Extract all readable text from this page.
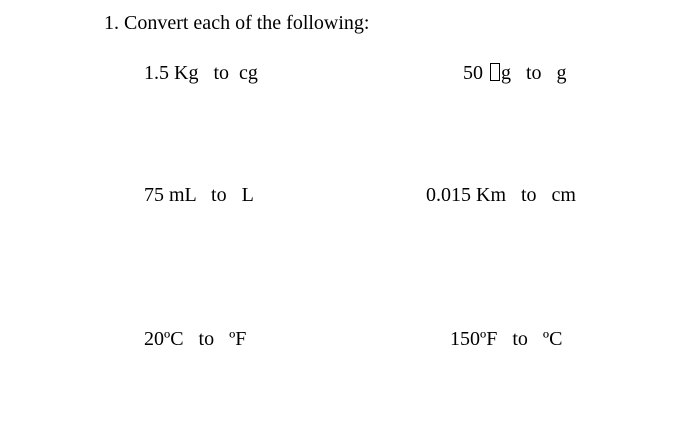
1. Convert each of the following:
1.5 Kg   to  cg	50 g   to   g
75 mL   to   L	0.015 Km   to   cm
20ºC   to   ºF	150ºF   to   ºC
